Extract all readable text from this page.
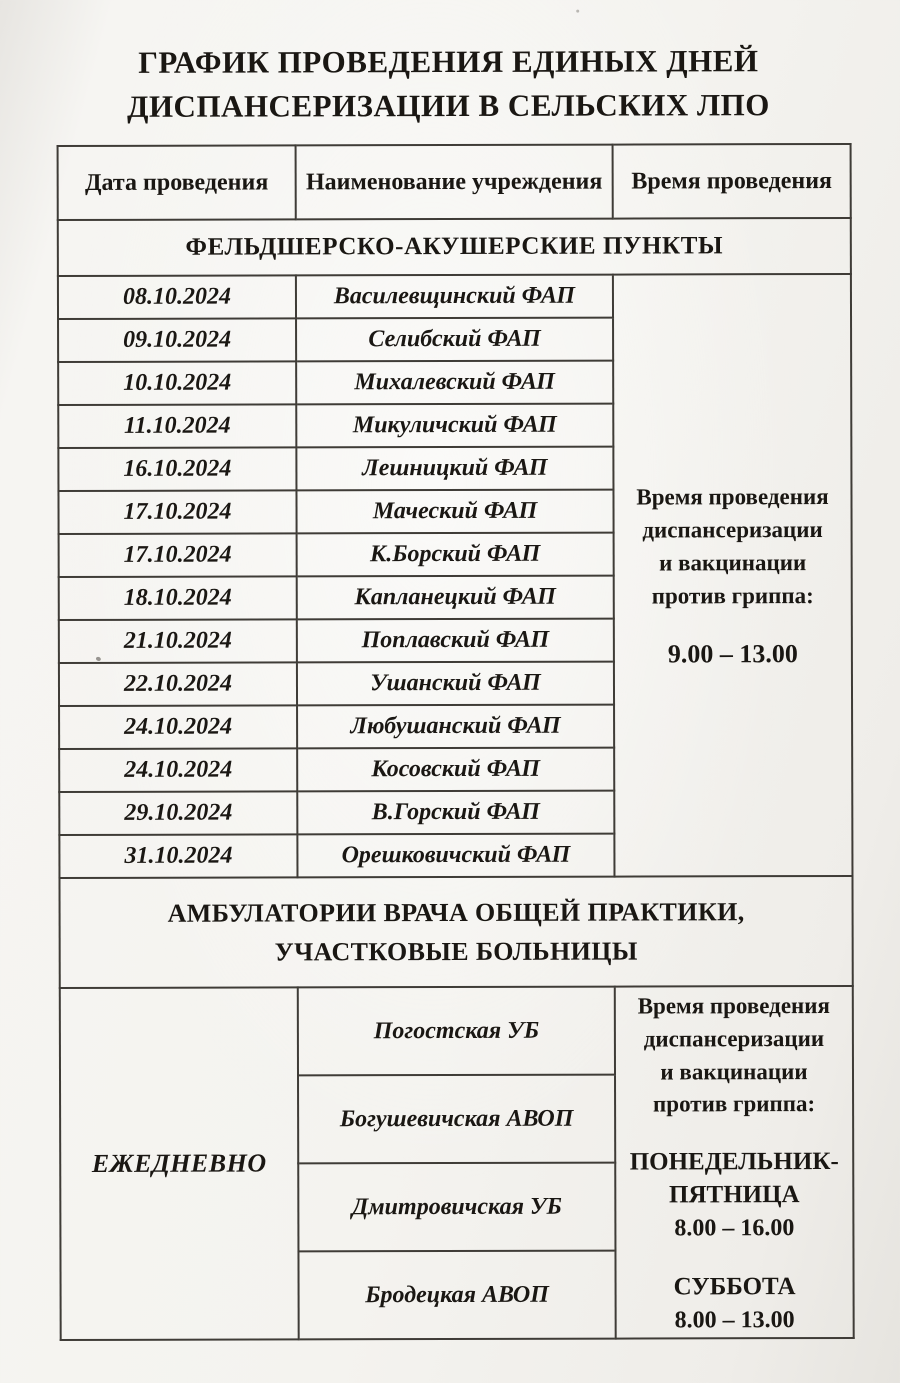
ГРАФИК ПРОВЕДЕНИЯ ЕДИНЫХ ДНЕЙ
ДИСПАНСЕРИЗАЦИИ В СЕЛЬСКИХ ЛПО
Дата проведения	Наименование учреждения	Время проведения
ФЕЛЬДШЕРСКО-АКУШЕРСКИЕ ПУНКТЫ		
08.10.2024	Василевщинский ФАП	Время проведения
диспансеризации
и вакцинации
против гриппа:
9.00 – 13.00

09.10.2024	Селибский ФАП	
10.10.2024	Михалевский ФАП	
11.10.2024	Микуличский ФАП	
16.10.2024	Лешницкий ФАП	
17.10.2024	Маческий ФАП	
17.10.2024	К.Борский ФАП	
18.10.2024	Капланецкий ФАП	
21.10.2024	Поплавский ФАП	
22.10.2024	Ушанский ФАП	
24.10.2024	Любушанский ФАП	
24.10.2024	Косовский ФАП	
29.10.2024	В.Горский ФАП	
31.10.2024	Орешковичский ФАП	
АМБУЛАТОРИИ ВРАЧА ОБЩЕЙ ПРАКТИКИ,
УЧАСТКОВЫЕ БОЛЬНИЦЫ		
ЕЖЕДНЕВНО	Погостская УБ	
Время проведения
диспансеризации
и вакцинации
против гриппа:
ПОНЕДЕЛЬНИК-
ПЯТНИЦА
8.00 – 16.00
СУББОТА
8.00 – 13.00

	Богушевичская АВОП	
	Дмитровичская УБ	
	Бродецкая АВОП	
